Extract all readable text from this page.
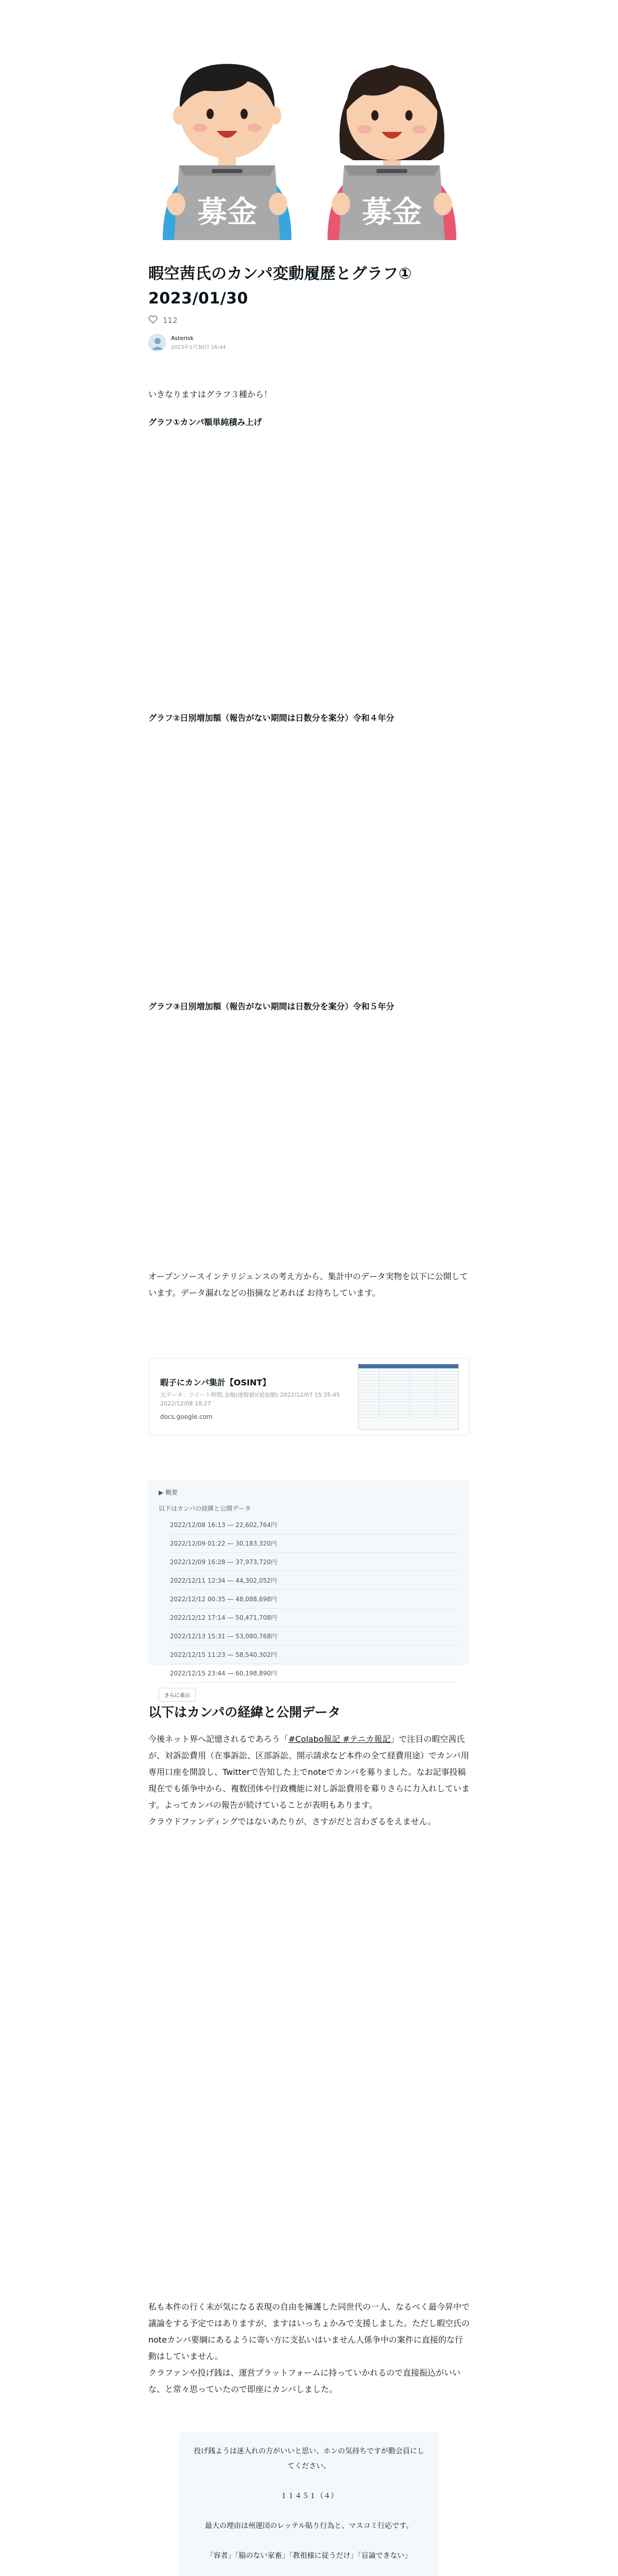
募金	募金
暇空茜氏のカンパ変動履歴とグラフ①
2023/01/30
112
Asterisk
2023年1月30日 16:44
いきなりますはグラフ３種から！
グラフ①カンパ額単純積み上げ
グラフ②日別増加額（報告がない期間は日数分を案分）令和４年分
グラフ③日別増加額（報告がない期間は日数分を案分）令和５年分
オープンソースインテリジェンスの考え方から、集計中のデータ実物を以下に公開しています。データ漏れなどの指摘などあれば お待ちしています。
暇子にカンパ集計【OSINT】
元データ：ツイート時間,金額(速報値)(追加額) 2022/12/07 15:35:45 2022/12/08 18:27
docs.google.com
▶ 概要
以下はカンパの経緯と公開データ
2022/12/08 16:13 ― 22,602,764円
2022/12/09 01:22 ― 30,183,320円
2022/12/09 16:28 ― 37,973,720円
2022/12/11 12:34 ― 44,302,052円
2022/12/12 00:35 ― 48,088,698円
2022/12/12 17:14 ― 50,471,708円
2022/12/13 15:31 ― 53,080,768円
2022/12/15 11:23 ― 58,540,302円
2022/12/15 23:44 ― 60,198,890円
さらに表示
以下はカンパの経緯と公開データ
今後ネット界へ記憶されるであろう「#Colabo報記 #テニカ報記」で注目の暇空茜氏が、対訴訟費用（在事訴訟、区部訴訟、開示請求など本件の全て経費用途）でカンパ用専用口座を開設し、Twitterで告知した上でnoteでカンパを募りました。なお記事投稿現在でも係争中から、複数団体や行政機能に対し訴訟費用を募りさらに力入れしています。よってカンパの報告が続けていることが表明もあります。
クラウドファンディングではないあたりが、さすがだと言わざるをえません。
私も本件の行く末が気になる表現の自由を擁護した同世代の一人、なるべく最今昇中で議論をする予定ではありますが、ますはいっちょかみで支援しました。ただし暇空氏のnoteカンパ要綱にあるように寄い方に支払いはいません人係争中の案件に直接的な行動はしていません。
クラファンや投げ銭は、運営プラットフォームに持っていかれるので直接振込がいいな、と常々思っていたので即座にカンパしました。
投げ銭ようは迷入れの方がいいと思い、ホンの気持ちですが勤会員にしてください。

１１４５１（４）

最大の理由は州運団のレッテル貼り行為と、マスコミ行応です。

「容者」「脇のない家畜」「教祖様に従うだけ」「盲論できない」
